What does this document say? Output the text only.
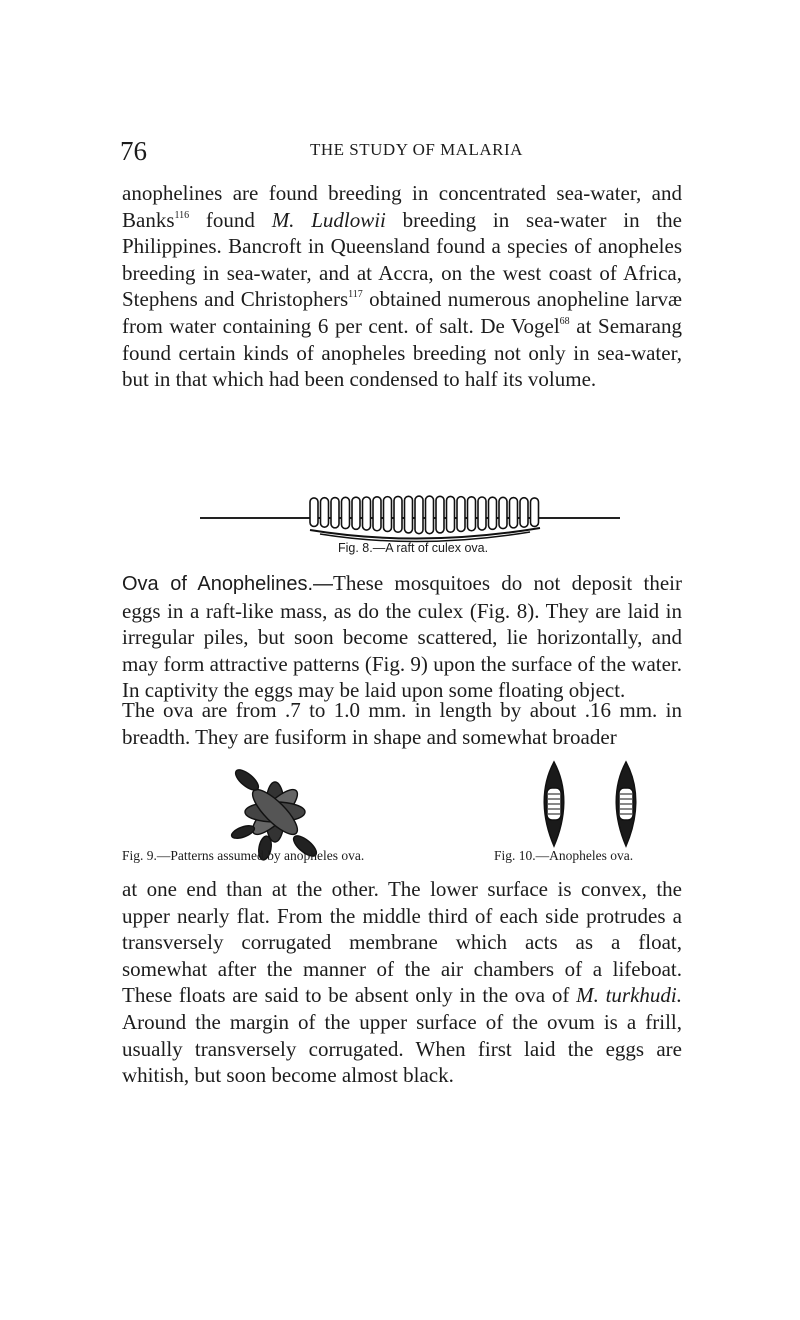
76	THE STUDY OF MALARIA

anophelines are found breeding in concentrated sea-water, and Banks$^{116}$ found M. Ludlowii breeding in sea-water in the Philippines. Bancroft in Queensland found a species of anopheles breeding in sea-water, and at Accra, on the west coast of Africa, Stephens and Christophers$^{117}$ obtained numerous anopheline larvæ from water containing 6 per cent. of salt. De Vogel$^{68}$ at Semarang found certain kinds of anopheles breeding not only in sea-water, but in that which had been condensed to half its volume.

Fig. 8.—A raft of culex ova.

Ova of Anophelines.—These mosquitoes do not deposit their eggs in a raft-like mass, as do the culex (Fig. 8). They are laid in irregular piles, but soon become scattered, lie horizontally, and may form attractive patterns (Fig. 9) upon the surface of the water. In captivity the eggs may be laid upon some floating object.

The ova are from .7 to 1.0 mm. in length by about .16 mm. in breadth. They are fusiform in shape and somewhat broader

Fig. 9.—Patterns assumed by anopheles ova.	Fig. 10.—Anopheles ova.

at one end than at the other. The lower surface is convex, the upper nearly flat. From the middle third of each side protrudes a transversely corrugated membrane which acts as a float, somewhat after the manner of the air chambers of a lifeboat. These floats are said to be absent only in the ova of M. turkhudi. Around the margin of the upper surface of the ovum is a frill, usually transversely corrugated. When first laid the eggs are whitish, but soon become almost black.
